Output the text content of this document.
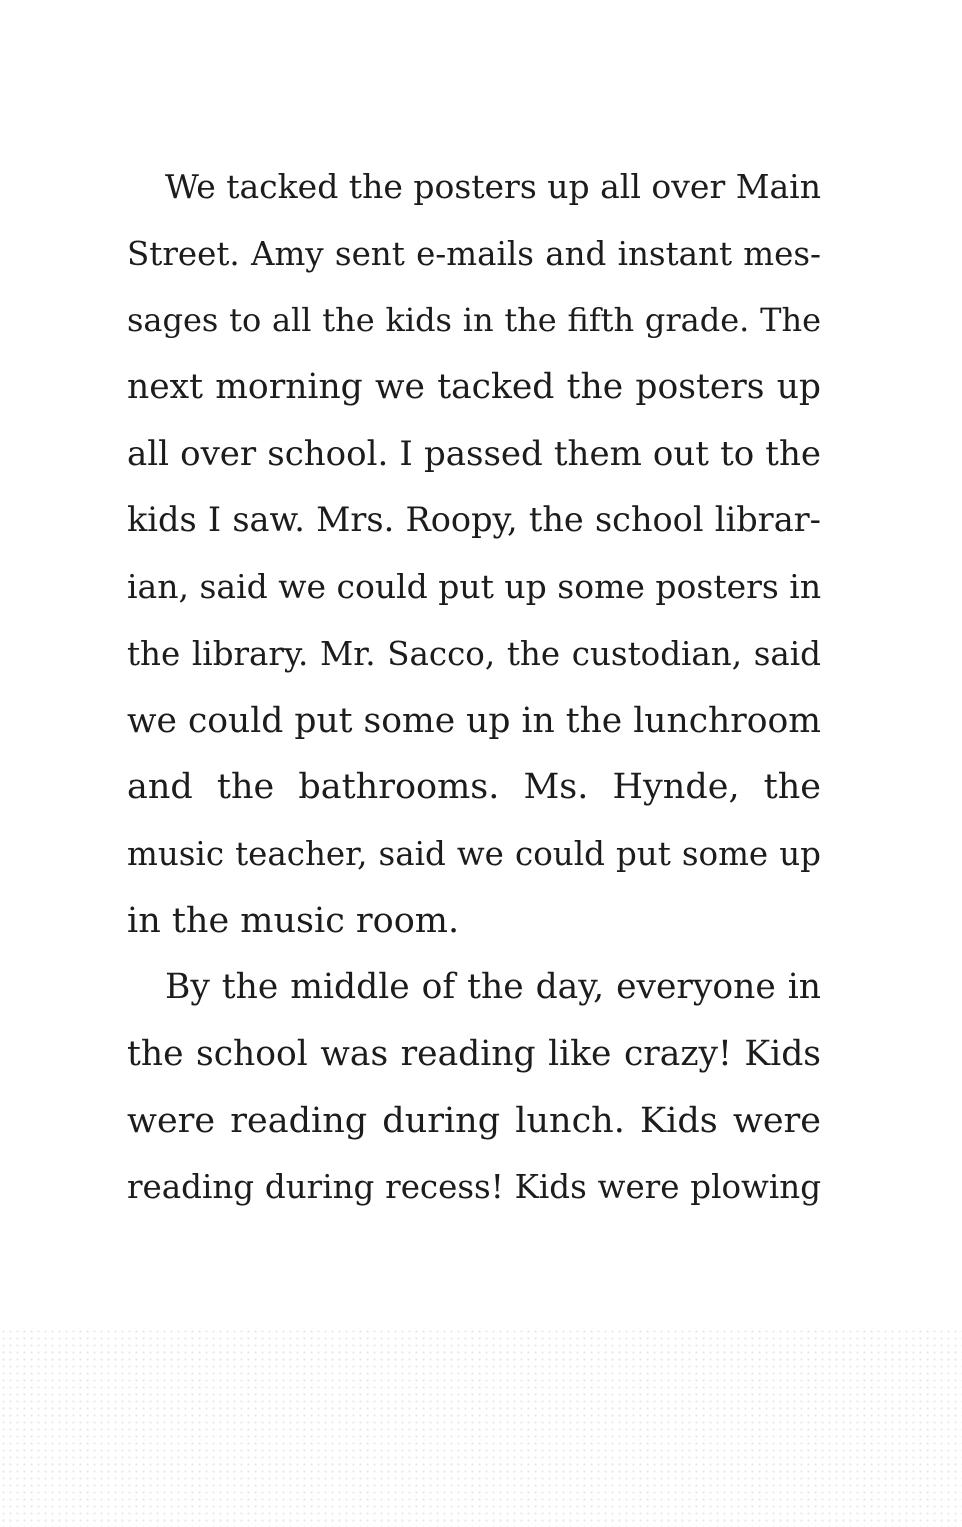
We tacked the posters up all over Main
Street. Amy sent e-mails and instant mes-
sages to all the kids in the fifth grade. The
next morning we tacked the posters up
all over school. I passed them out to the
kids I saw. Mrs. Roopy, the school librar-
ian, said we could put up some posters in
the library. Mr. Sacco, the custodian, said
we could put some up in the lunchroom
and the bathrooms. Ms. Hynde, the
music teacher, said we could put some up
in the music room.
By the middle of the day, everyone in
the school was reading like crazy! Kids
were reading during lunch. Kids were
reading during recess! Kids were plowing
